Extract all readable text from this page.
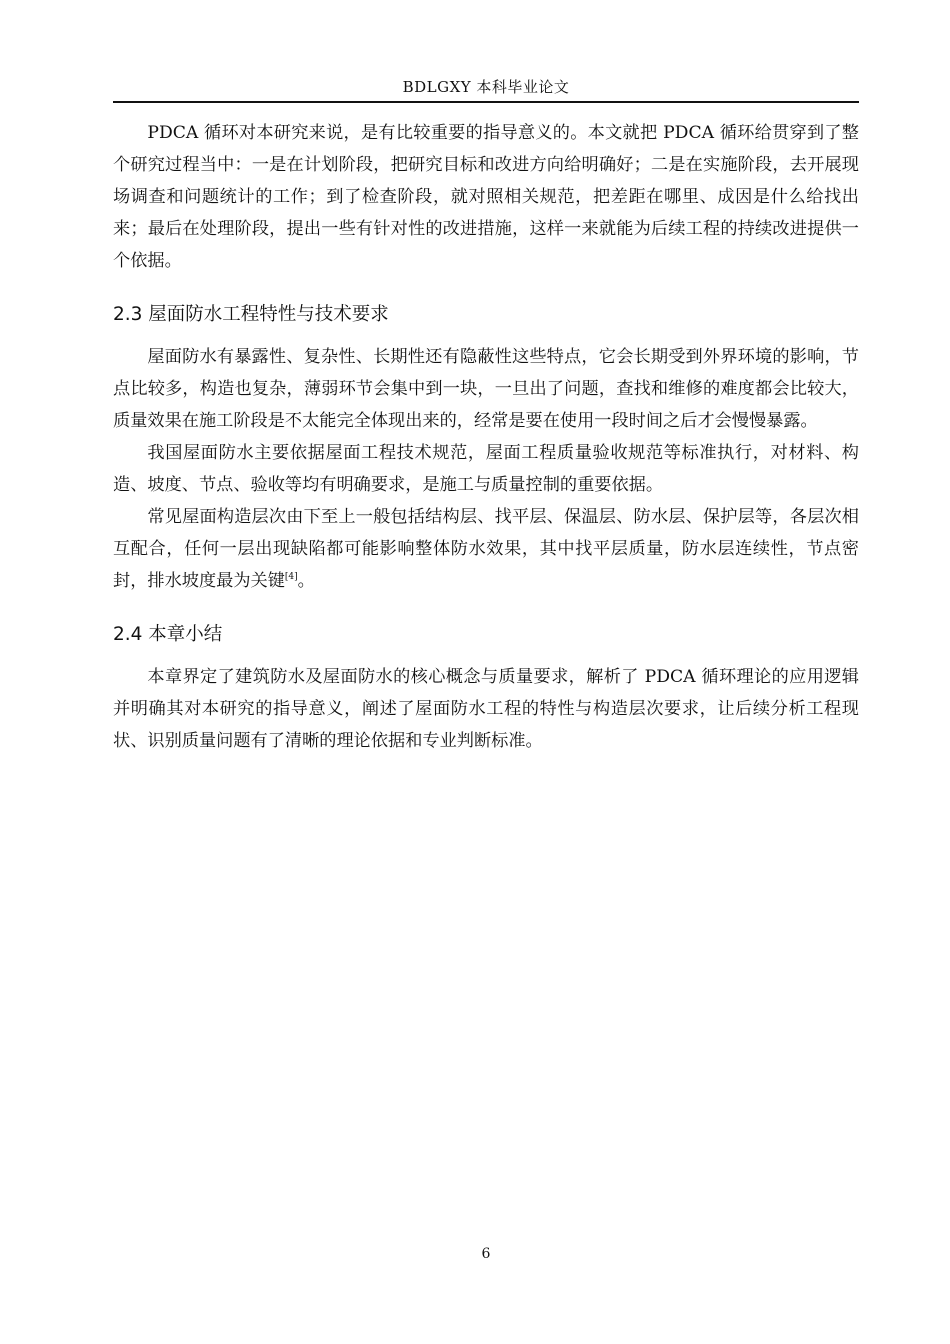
BDLGXY 本科毕业论文

PDCA 循环对本研究来说，是有比较重要的指导意义的。本文就把 PDCA 循环给贯穿到了整个研究过程当中：一是在计划阶段，把研究目标和改进方向给明确好；二是在实施阶段，去开展现场调查和问题统计的工作；到了检查阶段，就对照相关规范，把差距在哪里、成因是什么给找出来；最后在处理阶段，提出一些有针对性的改进措施，这样一来就能为后续工程的持续改进提供一个依据。

2.3 屋面防水工程特性与技术要求

屋面防水有暴露性、复杂性、长期性还有隐蔽性这些特点，它会长期受到外界环境的影响，节点比较多，构造也复杂，薄弱环节会集中到一块，一旦出了问题，查找和维修的难度都会比较大，质量效果在施工阶段是不太能完全体现出来的，经常是要在使用一段时间之后才会慢慢暴露。

我国屋面防水主要依据屋面工程技术规范，屋面工程质量验收规范等标准执行，对材料、构造、坡度、节点、验收等均有明确要求，是施工与质量控制的重要依据。

常见屋面构造层次由下至上一般包括结构层、找平层、保温层、防水层、保护层等，各层次相互配合，任何一层出现缺陷都可能影响整体防水效果，其中找平层质量，防水层连续性，节点密封，排水坡度最为关键[4]。

2.4 本章小结

本章界定了建筑防水及屋面防水的核心概念与质量要求，解析了 PDCA 循环理论的应用逻辑并明确其对本研究的指导意义，阐述了屋面防水工程的特性与构造层次要求，让后续分析工程现状、识别质量问题有了清晰的理论依据和专业判断标准。

6
